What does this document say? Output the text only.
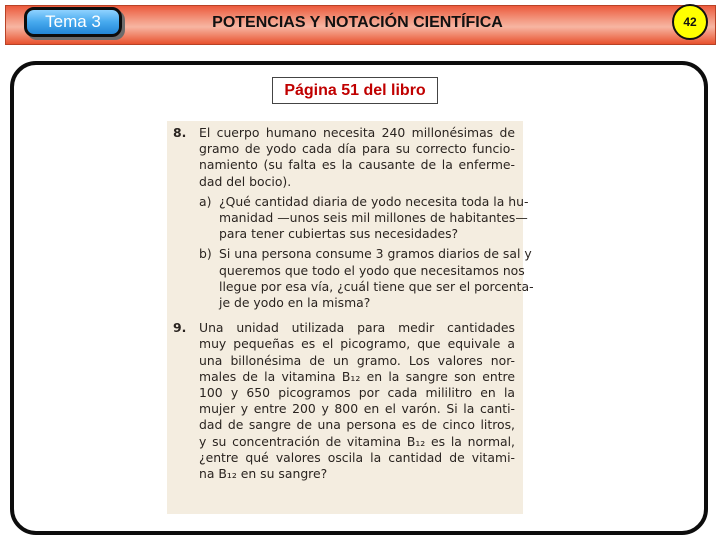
Tema 3	POTENCIAS Y NOTACIÓN CIENTÍFICA	42
Página 51 del libro
8. El cuerpo humano necesita 240 millonésimas de
gramo de yodo cada día para su correcto funcio-
namiento (su falta es la causante de la enferme-
dad del bocio).
a) ¿Qué cantidad diaria de yodo necesita toda la hu-
manidad —unos seis mil millones de habitantes—
para tener cubiertas sus necesidades?
b) Si una persona consume 3 gramos diarios de sal y
queremos que todo el yodo que necesitamos nos
llegue por esa vía, ¿cuál tiene que ser el porcenta-
je de yodo en la misma?
9. Una unidad utilizada para medir cantidades
muy pequeñas es el picogramo, que equivale a
una billonésima de un gramo. Los valores nor-
males de la vitamina B₁₂ en la sangre son entre
100 y 650 picogramos por cada mililitro en la
mujer y entre 200 y 800 en el varón. Si la canti-
dad de sangre de una persona es de cinco litros,
y su concentración de vitamina B₁₂ es la normal,
¿entre qué valores oscila la cantidad de vitami-
na B₁₂ en su sangre?
